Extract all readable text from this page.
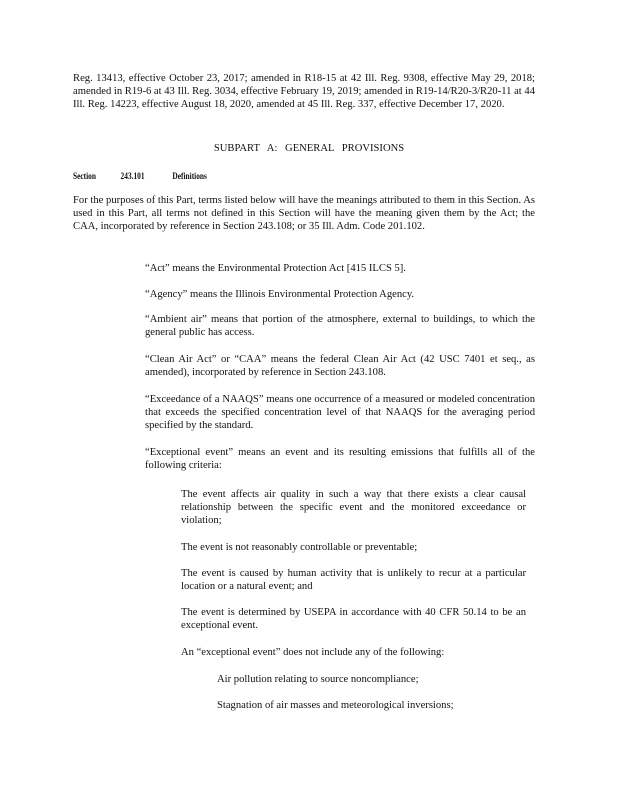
Reg. 13413, effective October 23, 2017; amended in R18-15 at 42 Ill. Reg. 9308, effective May 29, 2018; amended in R19-6 at 43 Ill. Reg. 3034, effective February 19, 2019; amended in R19-14/R20-3/R20-11 at 44 Ill. Reg. 14223, effective August 18, 2020, amended at 45 Ill. Reg. 337, effective December 17, 2020.

SUBPART A: GENERAL PROVISIONS

Section	243.101	Definitions

For the purposes of this Part, terms listed below will have the meanings attributed to them in this Section. As used in this Part, all terms not defined in this Section will have the meaning given them by the Act; the CAA, incorporated by reference in Section 243.108; or 35 Ill. Adm. Code 201.102.

“Act” means the Environmental Protection Act [415 ILCS 5].

“Agency” means the Illinois Environmental Protection Agency.

“Ambient air” means that portion of the atmosphere, external to buildings, to which the general public has access.

“Clean Air Act” or “CAA” means the federal Clean Air Act (42 USC 7401 et seq., as amended), incorporated by reference in Section 243.108.

“Exceedance of a NAAQS” means one occurrence of a measured or modeled concentration that exceeds the specified concentration level of that NAAQS for the averaging period specified by the standard.

“Exceptional event” means an event and its resulting emissions that fulfills all of the following criteria:

The event affects air quality in such a way that there exists a clear causal relationship between the specific event and the monitored exceedance or violation;

The event is not reasonably controllable or preventable;

The event is caused by human activity that is unlikely to recur at a particular location or a natural event; and

The event is determined by USEPA in accordance with 40 CFR 50.14 to be an exceptional event.

An “exceptional event” does not include any of the following:

Air pollution relating to source noncompliance;

Stagnation of air masses and meteorological inversions;
